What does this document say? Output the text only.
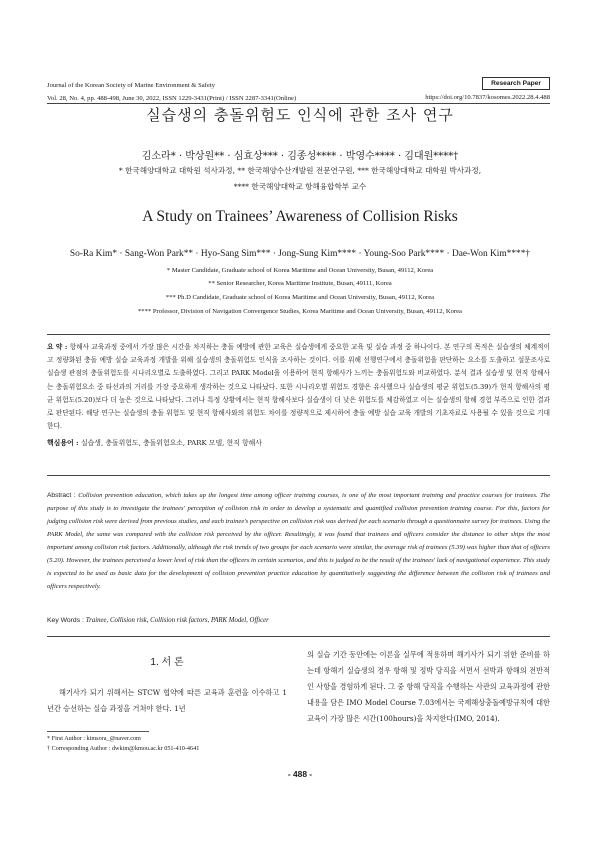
Journal of the Korean Society of Marine Environment & Safety
Vol. 28, No. 4, pp. 488-498, June 30, 2022, ISSN 1229-3431(Print) / ISSN 2287-3341(Online)
Research Paper
https://doi.org/10.7837/kosomes.2022.28.4.488
실습생의 충돌위험도 인식에 관한 조사 연구
김소라* · 박상원** · 심효상*** · 김종성**** · 박영수**** · 김대원****†
* 한국해양대학교 대학원 석사과정, ** 한국해양수산개발원 전문연구원, *** 한국해양대학교 대학원 박사과정,
**** 한국해양대학교 항해융합학부 교수
A Study on Trainees’ Awareness of Collision Risks
So-Ra Kim* · Sang-Won Park** · Hyo-Sang Sim*** · Jong-Sung Kim**** · Young-Soo Park**** · Dae-Won Kim****†
* Master Candidate, Graduate school of Korea Maritime and Ocean University, Busan, 49112, Korea
** Senior Researcher, Korea Maritime Institute, Busan, 49111, Korea
*** Ph.D Candidate, Graduate school of Korea Maritime and Ocean University, Busan, 49112, Korea
**** Professor, Division of Navigation Convergence Studies, Korea Maritime and Ocean University, Busan, 49112, Korea
요 약 : 항해사 교육과정 중에서 가장 많은 시간을 차지하는 충돌 예방에 관한 교육은 실습생에게 중요한 교육 및 실습 과정 중 하나이다. 본 연구의 목적은 실습생의 체계적이고 정량화된 충돌 예방 실습 교육과정 개발을 위해 실습생의 충돌위험도 인식을 조사하는 것이다. 이를 위해 선행연구에서 충돌위험을 판단하는 요소를 도출하고 설문조사로 실습생 관점의 충돌위험도를 시나리오별로 도출하였다. 그리고 PARK Model을 이용하여 현직 항해사가 느끼는 충돌위험도와 비교하였다. 분석 결과 실습생 및 현직 항해사는 충돌위험요소 중 타선과의 거리를 가장 중요하게 생각하는 것으로 나타났다. 또한 시나리오별 위험도 경향은 유사했으나 실습생의 평균 위험도(5.39)가 현직 항해사의 평균 위험도(5.20)보다 더 높은 것으로 나타났다. 그러나 특정 상황에서는 현직 항해사보다 실습생이 더 낮은 위험도를 체감하였고 이는 실습생의 항해 경험 부족으로 인한 결과로 판단된다. 해당 연구는 실습생의 충돌 위험도 및 현직 항해사와의 위험도 차이를 정량적으로 제시하여 충돌 예방 실습 교육 개발의 기초자료로 사용될 수 있을 것으로 기대한다.
핵심용어 : 실습생, 충돌위험도, 충돌위험요소, PARK 모델, 현직 항해사
Abstract : Collision prevention education, which takes up the longest time among officer training courses, is one of the most important training and practice courses for trainees. The purpose of this study is to investigate the trainees' perception of collision risk in order to develop a systematic and quantified collision prevention training course. For this, factors for judging collision risk were derived from previous studies, and each trainee's perspective on collision risk was derived for each scenario through a questionnaire survey for trainees. Using the PARK Model, the same was compared with the collision risk perceived by the officer. Resultingly, it was found that trainees and officers consider the distance to other ships the most important among collision risk factors. Additionally, although the risk trends of two groups for each scenario were similar, the average risk of trainees (5.39) was higher than that of officers (5.20). However, the trainees perceived a lower level of risk than the officers in certain scenarios, and this is judged to be the result of the trainees' lack of navigational experience. This study is expected to be used as basic data for the development of collision prevention practice education by quantitatively suggesting the difference between the collision risk of trainees and officers respectively.
Key Words : Trainee, Collision risk, Collision risk factors, PARK Model, Officer
1. 서 론
해기사가 되기 위해서는 STCW 협약에 따른 교육과 훈련을 이수하고 1년간 승선하는 실습 과정을 거쳐야 한다. 1년
의 실습 기간 동안에는 이론을 실무에 적용하며 해기사가 되기 위한 준비를 하는데 항해기 실습생의 경우 항해 및 정박 당직을 서면서 선박과 항해의 전반적인 사항을 경험하게 된다. 그 중 항해 당직을 수행하는 사관의 교육과정에 관한 내용을 담은 IMO Model Course 7.03에서는 국제해상충돌예방규칙에 대한 교육이 가장 많은 시간(100hours)을 차지한다(IMO, 2014).
* First Author : kimsora_@naver.com
† Corresponding Author : dwkim@kmou.ac.kr 051-410-4641
- 488 -
